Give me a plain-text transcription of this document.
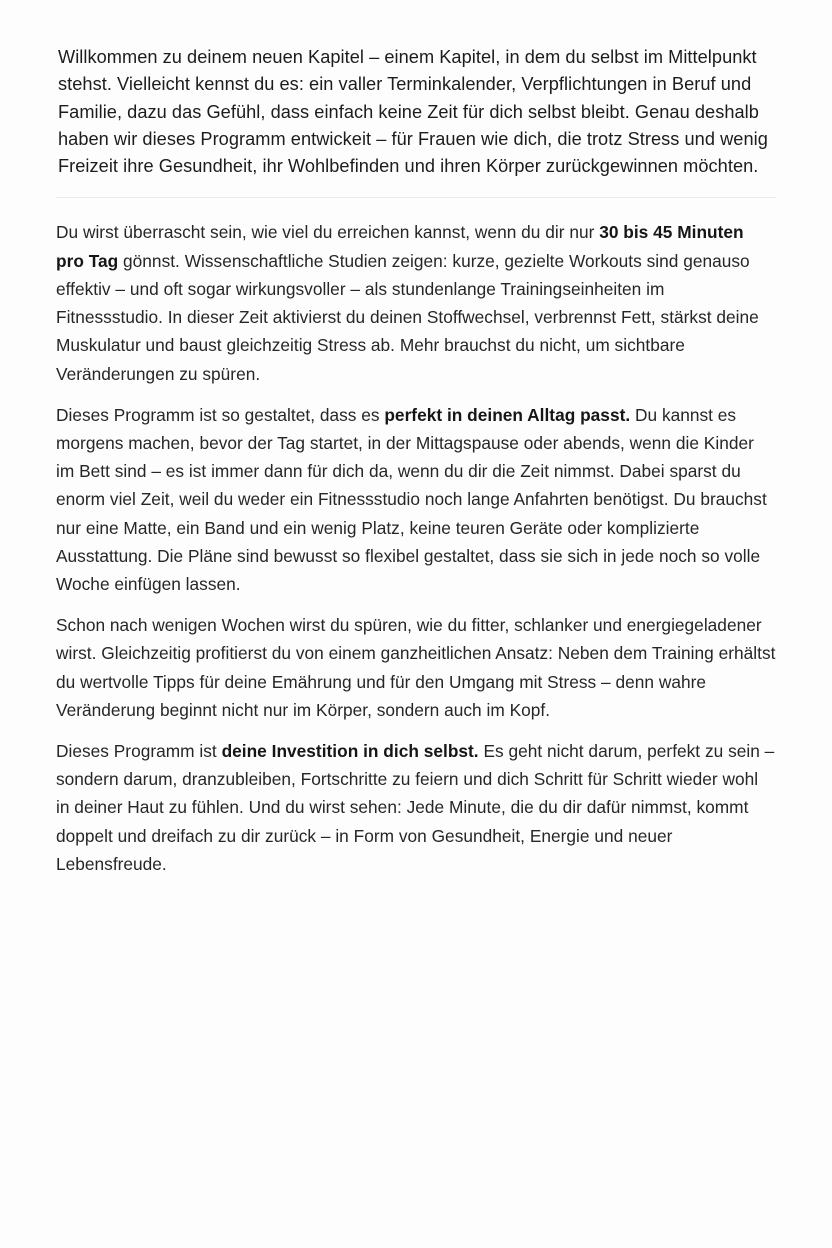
Willkommen zu deinem neuen Kapitel – einem Kapitel, in dem du selbst im Mittelpunkt stehst. Vielleicht kennst du es: ein valler Terminkalender, Verpflichtungen in Beruf und Familie, dazu das Gefühl, dass einfach keine Zeit für dich selbst bleibt. Genau deshalb haben wir dieses Programm entwickeit – für Frauen wie dich, die trotz Stress und wenig Freizeit ihre Gesundheit, ihr Wohlbefinden und ihren Körper zurückgewinnen möchten.

Du wirst überrascht sein, wie viel du erreichen kannst, wenn du dir nur 30 bis 45 Minuten pro Tag gönnst. Wissenschaftliche Studien zeigen: kurze, gezielte Workouts sind genauso effektiv – und oft sogar wirkungsvoller – als stundenlange Trainingseinheiten im Fitnessstudio. In dieser Zeit aktivierst du deinen Stoffwechsel, verbrennst Fett, stärkst deine Muskulatur und baust gleichzeitig Stress ab. Mehr brauchst du nicht, um sichtbare Veränderungen zu spüren.

Dieses Programm ist so gestaltet, dass es perfekt in deinen Alltag passt. Du kannst es morgens machen, bevor der Tag startet, in der Mittagspause oder abends, wenn die Kinder im Bett sind – es ist immer dann für dich da, wenn du dir die Zeit nimmst. Dabei sparst du enorm viel Zeit, weil du weder ein Fitnessstudio noch lange Anfahrten benötigst. Du brauchst nur eine Matte, ein Band und ein wenig Platz, keine teuren Geräte oder komplizierte Ausstattung. Die Pläne sind bewusst so flexibel gestaltet, dass sie sich in jede noch so volle Woche einfügen lassen.

Schon nach wenigen Wochen wirst du spüren, wie du fitter, schlanker und energiegeladener wirst. Gleichzeitig profitierst du von einem ganzheitlichen Ansatz: Neben dem Training erhältst du wertvolle Tipps für deine Emährung und für den Umgang mit Stress – denn wahre Veränderung beginnt nicht nur im Körper, sondern auch im Kopf.

Dieses Programm ist deine Investition in dich selbst. Es geht nicht darum, perfekt zu sein – sondern darum, dranzubleiben, Fortschritte zu feiern und dich Schritt für Schritt wieder wohl in deiner Haut zu fühlen. Und du wirst sehen: Jede Minute, die du dir dafür nimmst, kommt doppelt und dreifach zu dir zurück – in Form von Gesundheit, Energie und neuer Lebensfreude.
